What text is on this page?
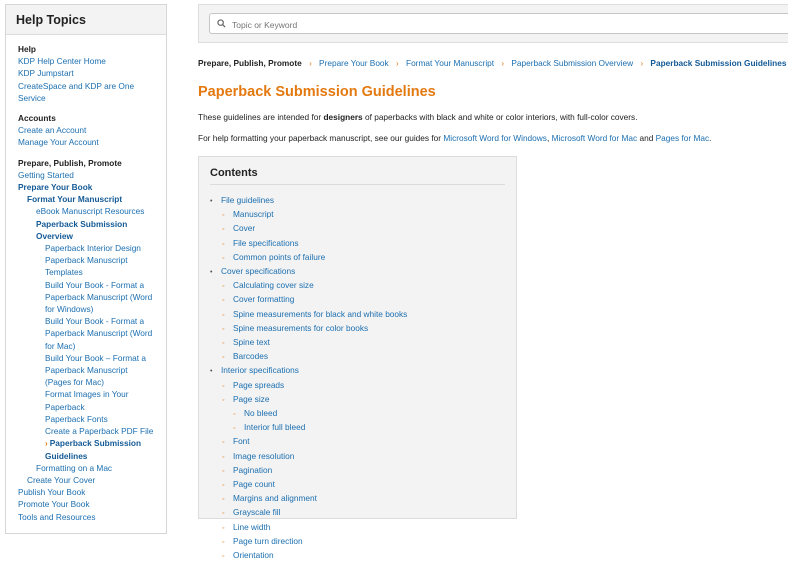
Help Topics
Help
KDP Help Center Home
KDP Jumpstart
CreateSpace and KDP are One Service
Accounts
Create an Account
Manage Your Account
Prepare, Publish, Promote
Getting Started
Prepare Your Book
Format Your Manuscript
eBook Manuscript Resources
Paperback Submission
Overview
Paperback Interior Design
Paperback Manuscript
Templates
Build Your Book - Format a
Paperback Manuscript (Word
for Windows)
Build Your Book - Format a
Paperback Manuscript (Word
for Mac)
Build Your Book – Format a
Paperback Manuscript
(Pages for Mac)
Format Images in Your
Paperback
Paperback Fonts
Create a Paperback PDF File
› Paperback Submission
Guidelines
Formatting on a Mac
Create Your Cover
Publish Your Book
Promote Your Book
Tools and Resources
Topic or Keyword
Prepare, Publish, Promote › Prepare Your Book › Format Your Manuscript › Paperback Submission Overview › Paperback Submission Guidelines
Paperback Submission Guidelines
These guidelines are intended for designers of paperbacks with black and white or color interiors, with full-color covers.
For help formatting your paperback manuscript, see our guides for Microsoft Word for Windows, Microsoft Word for Mac and Pages for Mac.
Contents
• File guidelines
◦ Manuscript
◦ Cover
◦ File specifications
◦ Common points of failure
• Cover specifications
◦ Calculating cover size
◦ Cover formatting
◦ Spine measurements for black and white books
◦ Spine measurements for color books
◦ Spine text
◦ Barcodes
• Interior specifications
◦ Page spreads
◦ Page size
◦ No bleed
◦ Interior full bleed
◦ Font
◦ Image resolution
◦ Pagination
◦ Page count
◦ Margins and alignment
◦ Grayscale fill
◦ Line width
◦ Page turn direction
◦ Orientation
